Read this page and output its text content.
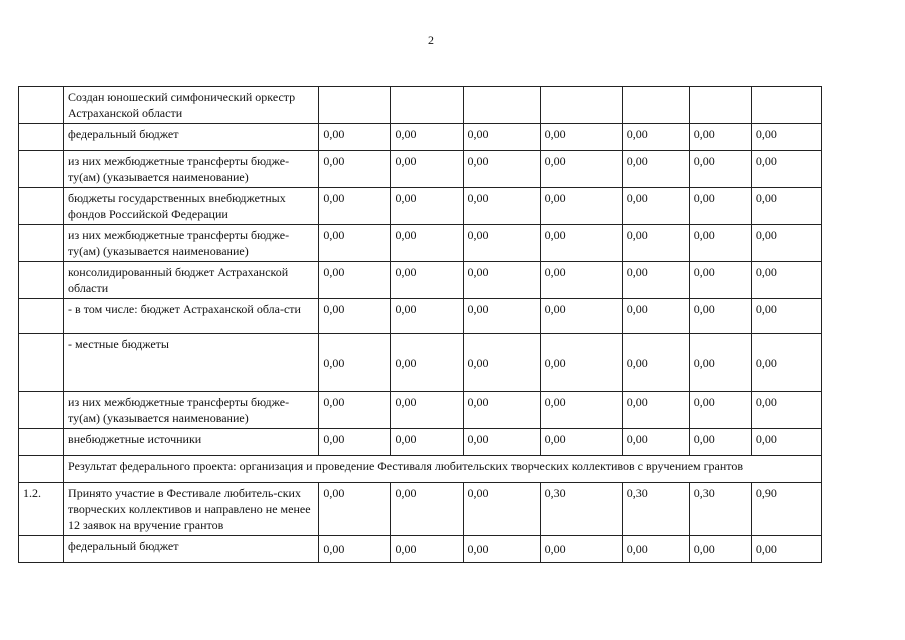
2
	Создан юношеский симфонический оркестр Астраханской области							
	федеральный бюджет	0,00	0,00	0,00	0,00	0,00	0,00	0,00
	из них межбюджетные трансферты бюдже-ту(ам) (указывается наименование)	0,00	0,00	0,00	0,00	0,00	0,00	0,00
	бюджеты государственных внебюджетных фондов Российской Федерации	0,00	0,00	0,00	0,00	0,00	0,00	0,00
	из них межбюджетные трансферты бюдже-ту(ам) (указывается наименование)	0,00	0,00	0,00	0,00	0,00	0,00	0,00
	консолидированный бюджет Астраханской области	0,00	0,00	0,00	0,00	0,00	0,00	0,00
	- в том числе: бюджет Астраханской обла-сти	0,00	0,00	0,00	0,00	0,00	0,00	0,00
	- местные бюджеты	0,00	0,00	0,00	0,00	0,00	0,00	0,00
	из них межбюджетные трансферты бюдже-ту(ам) (указывается наименование)	0,00	0,00	0,00	0,00	0,00	0,00	0,00
	внебюджетные источники	0,00	0,00	0,00	0,00	0,00	0,00	0,00
	Результат федерального проекта: организация и проведение Фестиваля любительских творческих коллективов с вручением грантов							
1.2.	Принято участие в Фестивале любитель-ских творческих коллективов и направлено не менее 12 заявок на вручение грантов	0,00	0,00	0,00	0,30	0,30	0,30	0,90
	федеральный бюджет	0,00	0,00	0,00	0,00	0,00	0,00	0,00
